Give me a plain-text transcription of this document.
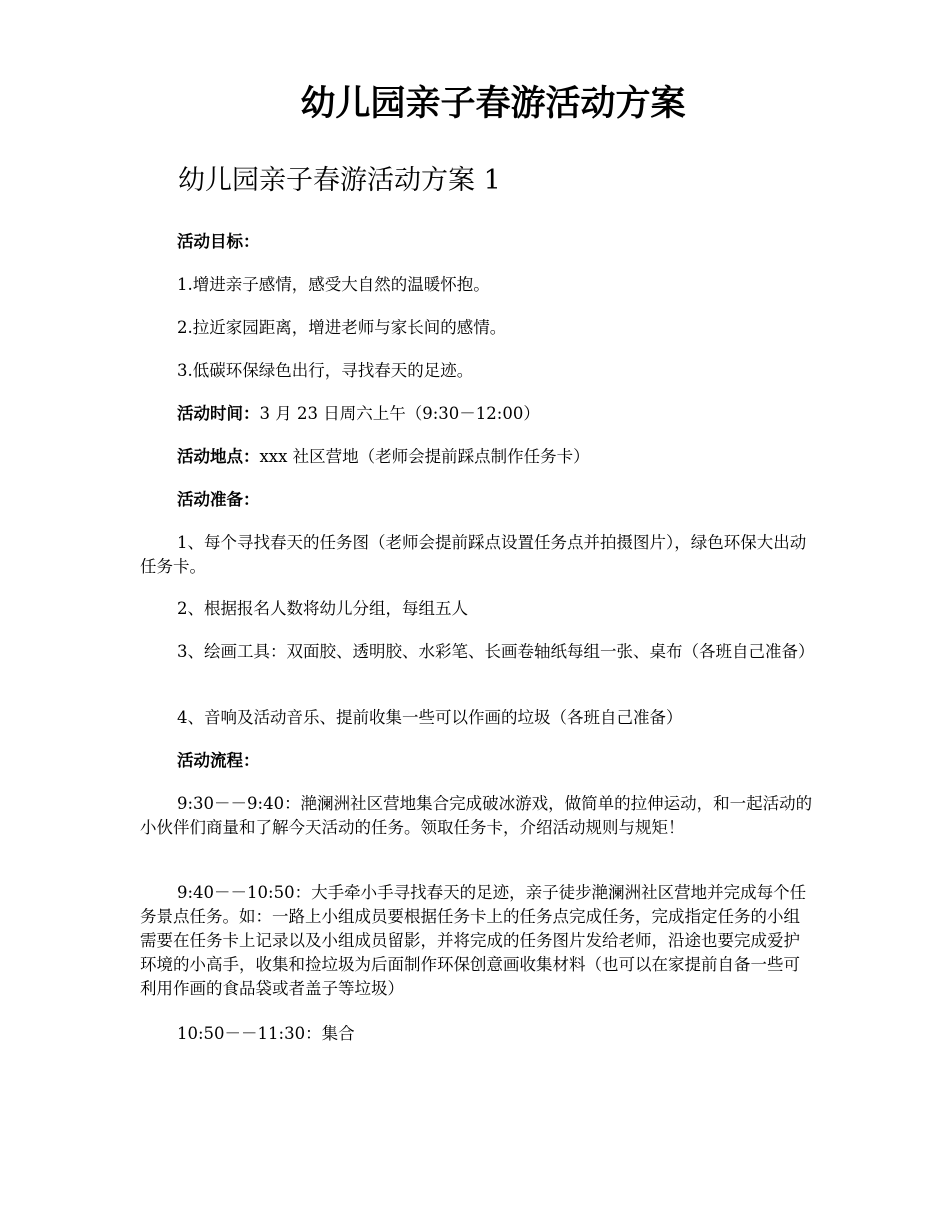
幼儿园亲子春游活动方案
幼儿园亲子春游活动方案 1

活动目标：

1.增进亲子感情，感受大自然的温暖怀抱。

2.拉近家园距离，增进老师与家长间的感情。

3.低碳环保绿色出行，寻找春天的足迹。

活动时间：3 月 23 日周六上午（9:30－12:00）

活动地点：xxx 社区营地（老师会提前踩点制作任务卡）

活动准备：

1、每个寻找春天的任务图（老师会提前踩点设置任务点并拍摄图片），绿色环保大出动任务卡。

2、根据报名人数将幼儿分组，每组五人

3、绘画工具：双面胶、透明胶、水彩笔、长画卷轴纸每组一张、桌布（各班自己准备）

4、音响及活动音乐、提前收集一些可以作画的垃圾（各班自己准备）

活动流程：

9:30－－9:40：滟澜洲社区营地集合完成破冰游戏，做简单的拉伸运动，和一起活动的小伙伴们商量和了解今天活动的任务。领取任务卡，介绍活动规则与规矩！

9:40－－10:50：大手牵小手寻找春天的足迹，亲子徒步滟澜洲社区营地并完成每个任务景点任务。如：一路上小组成员要根据任务卡上的任务点完成任务，完成指定任务的小组需要在任务卡上记录以及小组成员留影，并将完成的任务图片发给老师，沿途也要完成爱护环境的小高手，收集和捡垃圾为后面制作环保创意画收集材料（也可以在家提前自备一些可利用作画的食品袋或者盖子等垃圾）

10:50－－11:30：集合
